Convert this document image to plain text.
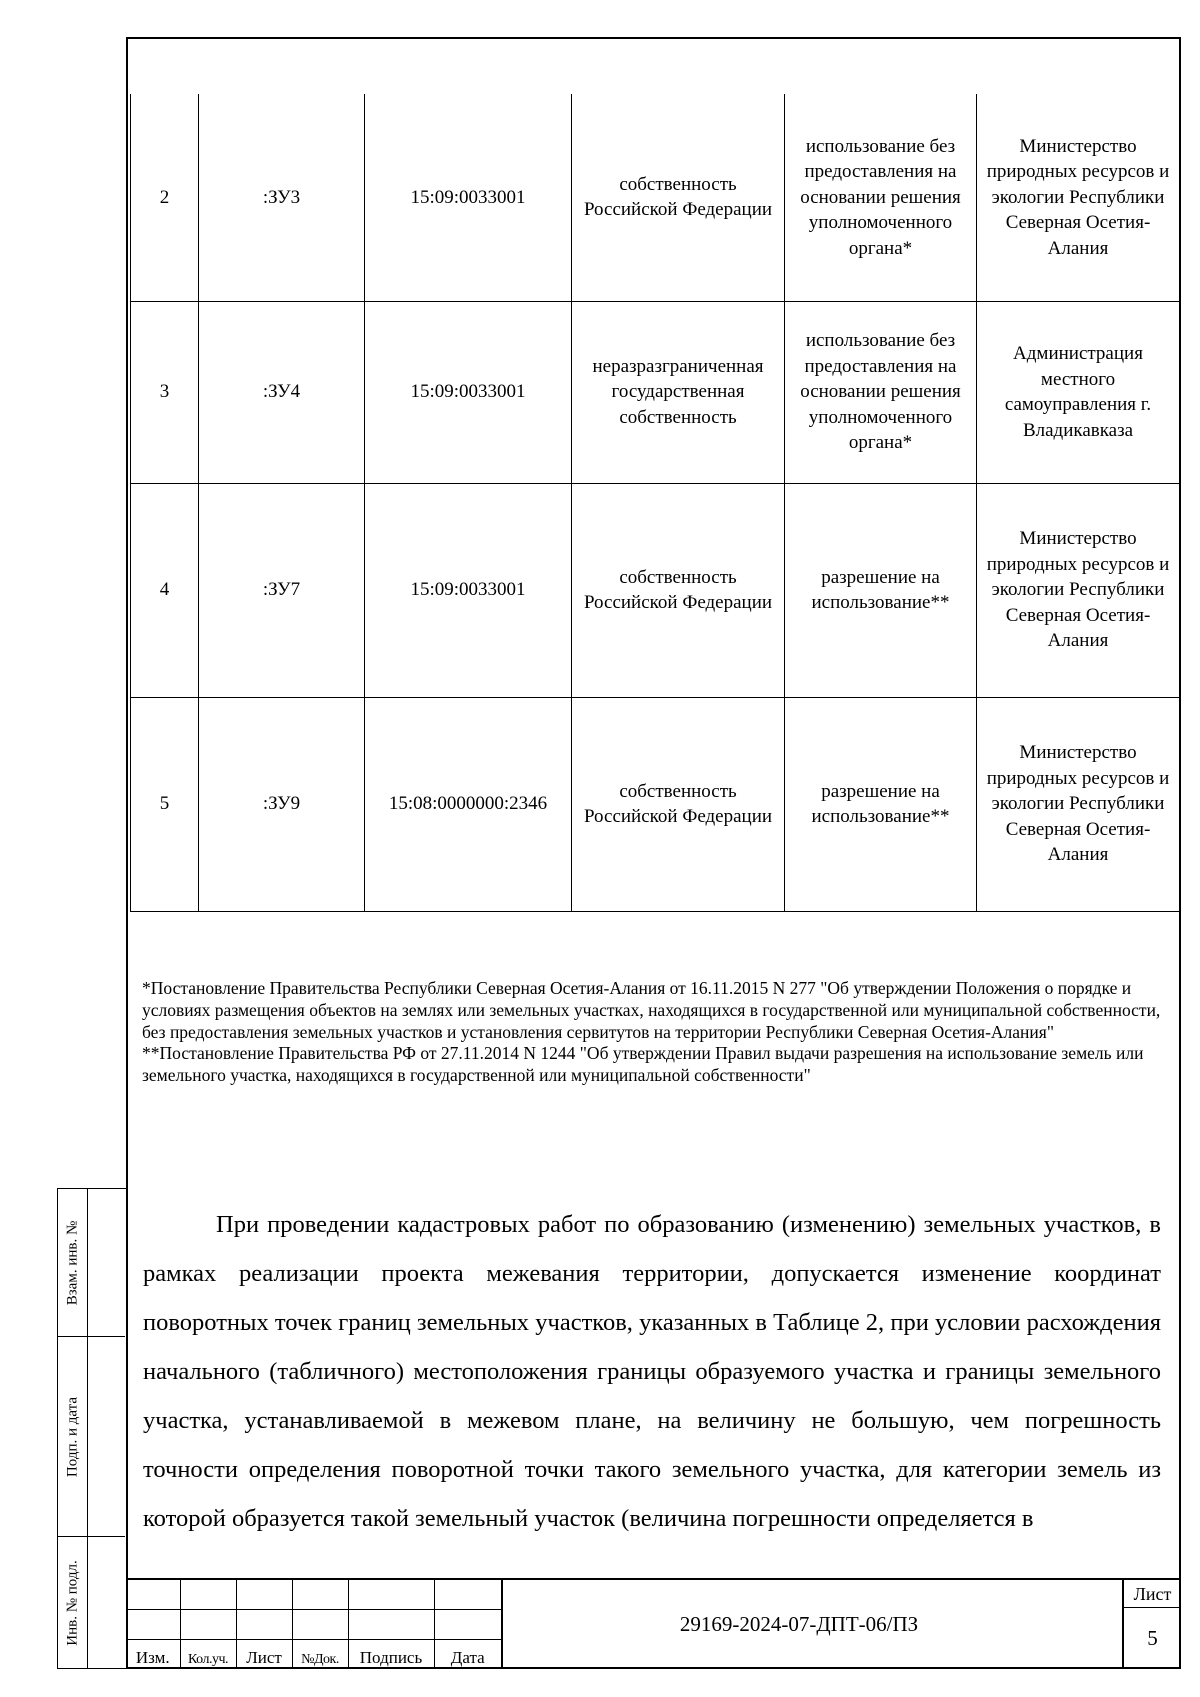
2	:ЗУ3	15:09:0033001	собственность Российской Федерации	использование без предоставления на основании решения уполномоченного органа*	Министерство природных ресурсов и экологии Республики Северная Осетия-Алания
3	:ЗУ4	15:09:0033001	неразразграниченная государственная собственность	использование без предоставления на основании решения уполномоченного органа*	Администрация местного самоуправления г. Владикавказа
4	:ЗУ7	15:09:0033001	собственность Российской Федерации	разрешение на использование**	Министерство природных ресурсов и экологии Республики Северная Осетия-Алания
5	:ЗУ9	15:08:0000000:2346	собственность Российской Федерации	разрешение на использование**	Министерство природных ресурсов и экологии Республики Северная Осетия-Алания

*Постановление Правительства Республики Северная Осетия-Алания от 16.11.2015 N 277 "Об утверждении Положения о порядке и условиях размещения объектов на землях или земельных участках, находящихся в государственной или муниципальной собственности, без предоставления земельных участков и установления сервитутов на территории Республики Северная Осетия-Алания"

**Постановление Правительства РФ от 27.11.2014 N 1244 "Об утверждении Правил выдачи разрешения на использование земель или земельного участка, находящихся в государственной или муниципальной собственности"

При проведении кадастровых работ по образованию (изменению) земельных участков, в рамках реализации проекта межевания территории, допускается изменение координат поворотных точек границ земельных участков, указанных в Таблице 2, при условии расхождения начального (табличного) местоположения границы образуемого участка и границы земельного участка, устанавливаемой в межевом плане, на величину не большую, чем погрешность точности определения поворотной точки такого земельного участка, для категории земель из которой образуется такой земельный участок (величина погрешности определяется в

Взам. инв. №
Подп. и дата
Инв. № подл.

Изм.	Кол.уч.	Лист	№Док.	Подпись	Дата
29169-2024-07-ДПТ-06/ПЗ
Лист
5
